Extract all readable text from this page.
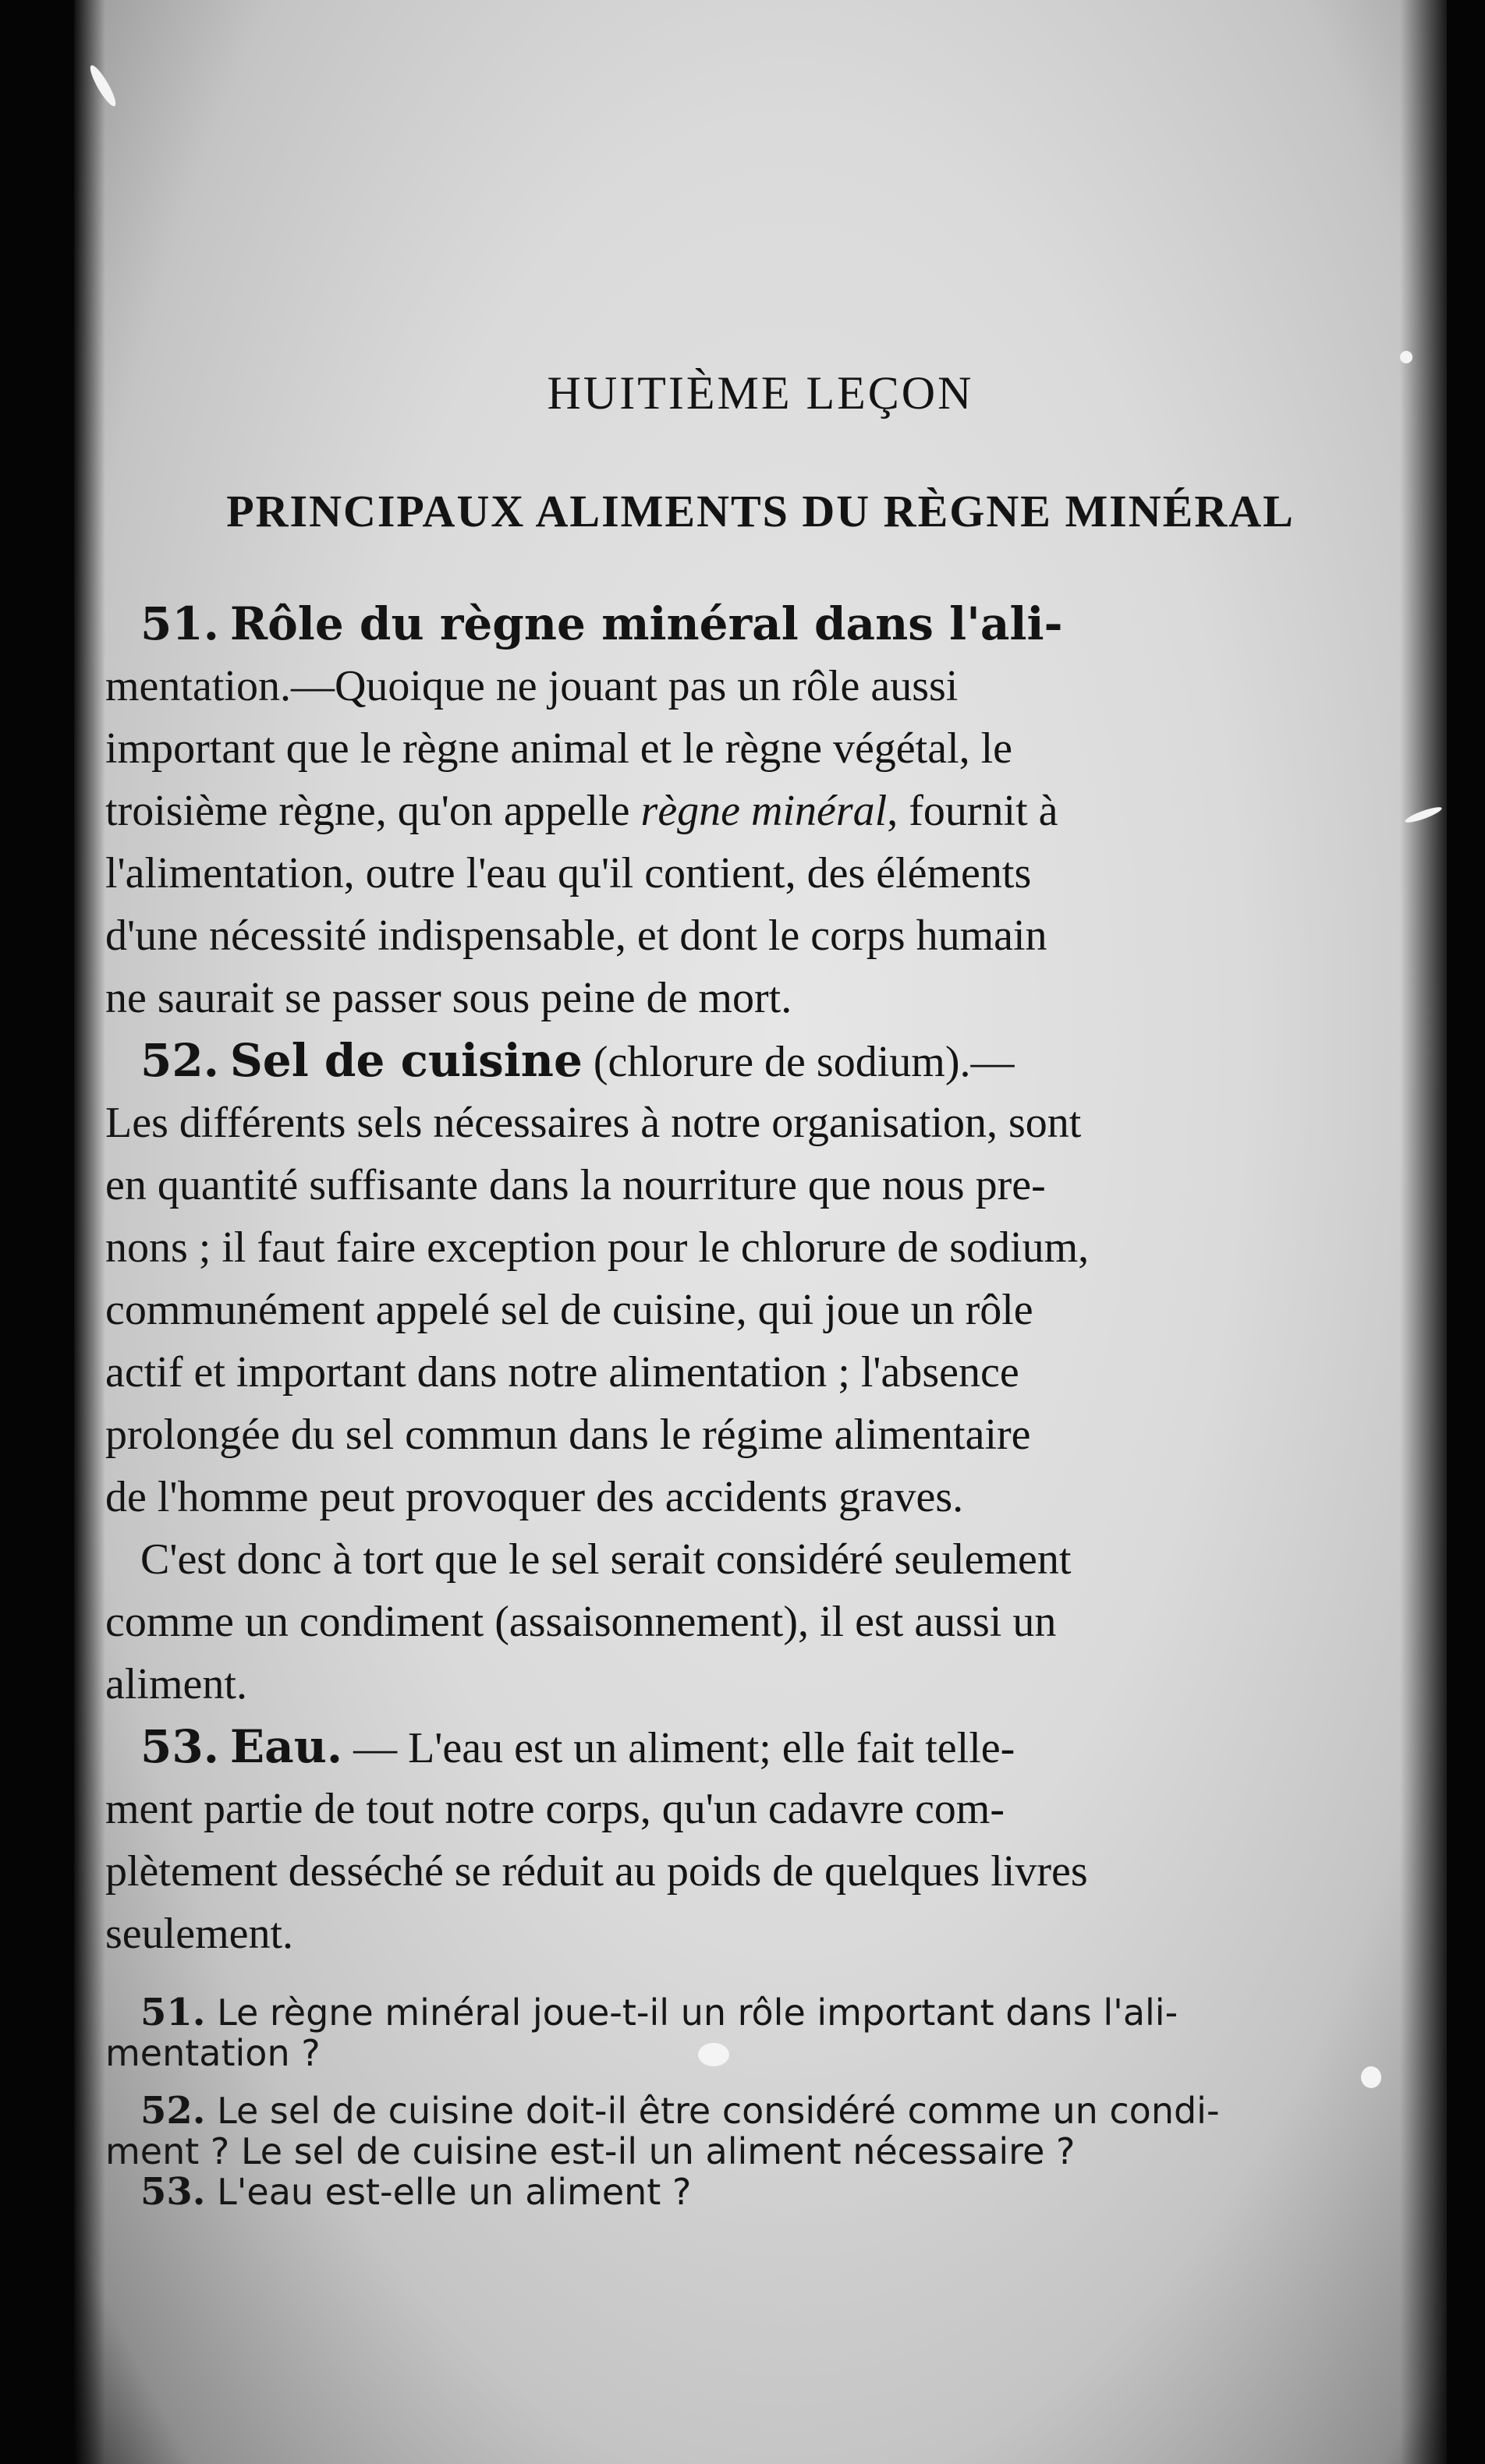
HUITIÈME LEÇON
PRINCIPAUX ALIMENTS DU RÈGNE MINÉRAL
51. Rôle du règne minéral dans l'ali-
mentation.—Quoique ne jouant pas un rôle aussi
important que le règne animal et le règne végétal, le
troisième règne, qu'on appelle règne minéral, fournit à
l'alimentation, outre l'eau qu'il contient, des éléments
d'une nécessité indispensable, et dont le corps humain
ne saurait se passer sous peine de mort.
52. Sel de cuisine (chlorure de sodium).—
Les différents sels nécessaires à notre organisation, sont
en quantité suffisante dans la nourriture que nous pre-
nons ; il faut faire exception pour le chlorure de sodium,
communément appelé sel de cuisine, qui joue un rôle
actif et important dans notre alimentation ; l'absence
prolongée du sel commun dans le régime alimentaire
de l'homme peut provoquer des accidents graves.
C'est donc à tort que le sel serait considéré seulement
comme un condiment (assaisonnement), il est aussi un
aliment.
53. Eau. — L'eau est un aliment; elle fait telle-
ment partie de tout notre corps, qu'un cadavre com-
plètement desséché se réduit au poids de quelques livres
seulement.
51. Le règne minéral joue-t-il un rôle important dans l'ali-
mentation ?
52. Le sel de cuisine doit-il être considéré comme un condi-
ment ? Le sel de cuisine est-il un aliment nécessaire ?
53. L'eau est-elle un aliment ?
